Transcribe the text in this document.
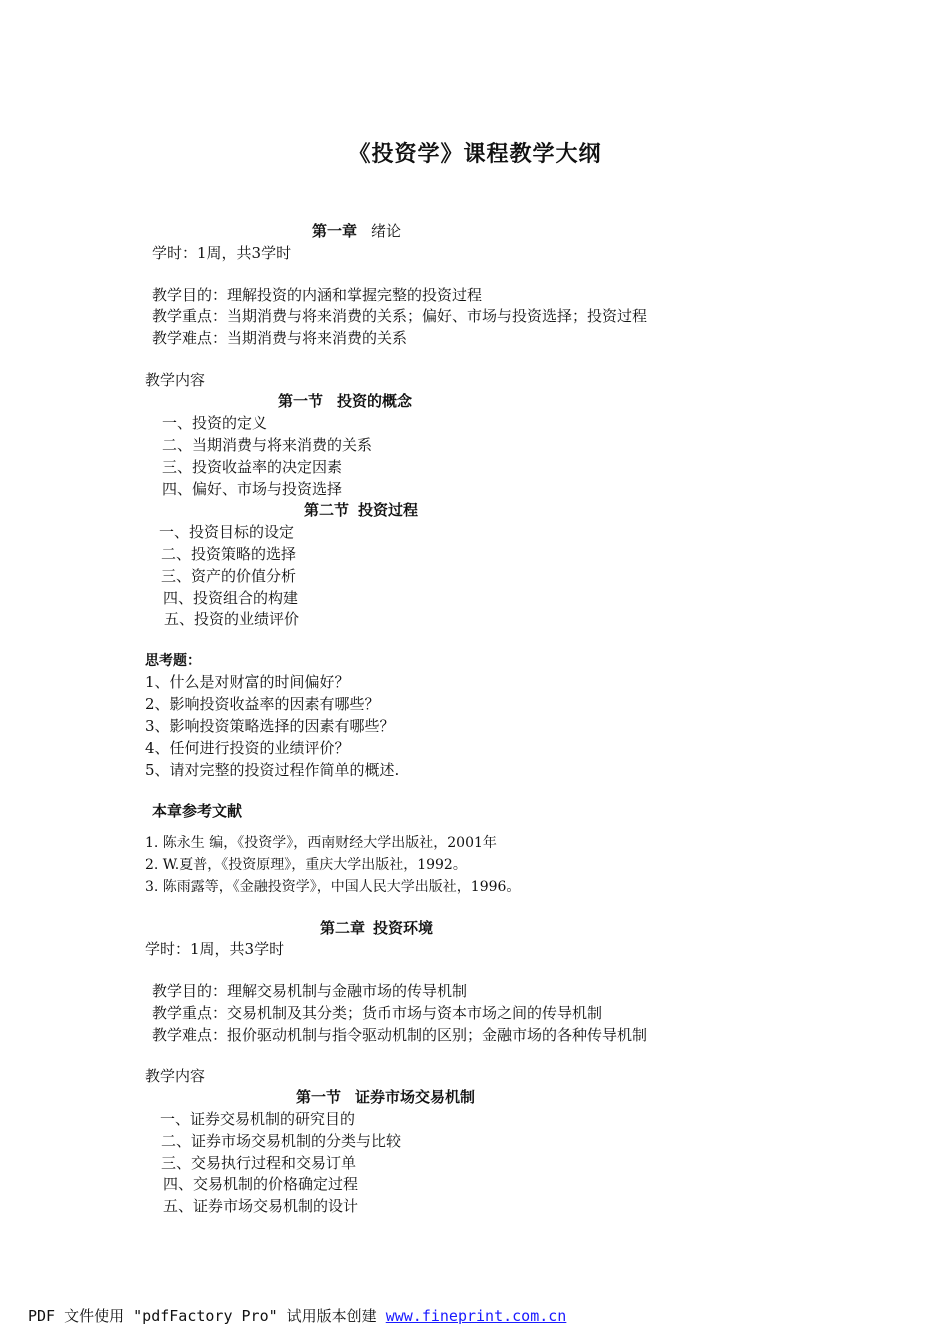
《投资学》课程教学大纲
第一章 绪论
学时：1周，共3学时
教学目的：理解投资的内涵和掌握完整的投资过程
教学重点：当期消费与将来消费的关系；偏好、市场与投资选择；投资过程
教学难点：当期消费与将来消费的关系
教学内容
第一节 投资的概念
一、投资的定义
二、当期消费与将来消费的关系
三、投资收益率的决定因素
四、偏好、市场与投资选择
第二节 投资过程
一、投资目标的设定
二、投资策略的选择
三、资产的价值分析
四、投资组合的构建
五、投资的业绩评价
思考题：
1、什么是对财富的时间偏好？
2、影响投资收益率的因素有哪些？
3、影响投资策略选择的因素有哪些？
4、任何进行投资的业绩评价？
5、请对完整的投资过程作简单的概述.
本章参考文献
1. 陈永生 编，《投资学》，西南财经大学出版社，2001年
2. W.夏普，《投资原理》，重庆大学出版社，1992。
3. 陈雨露等，《金融投资学》，中国人民大学出版社，1996。
第二章 投资环境
学时：1周，共3学时
教学目的：理解交易机制与金融市场的传导机制
教学重点：交易机制及其分类；货币市场与资本市场之间的传导机制
教学难点：报价驱动机制与指令驱动机制的区别；金融市场的各种传导机制
教学内容
第一节 证券市场交易机制
一、证券交易机制的研究目的
二、证券市场交易机制的分类与比较
三、交易执行过程和交易订单
四、交易机制的价格确定过程
五、证券市场交易机制的设计
PDF 文件使用 "pdfFactory Pro" 试用版本创建 www.fineprint.com.cn
